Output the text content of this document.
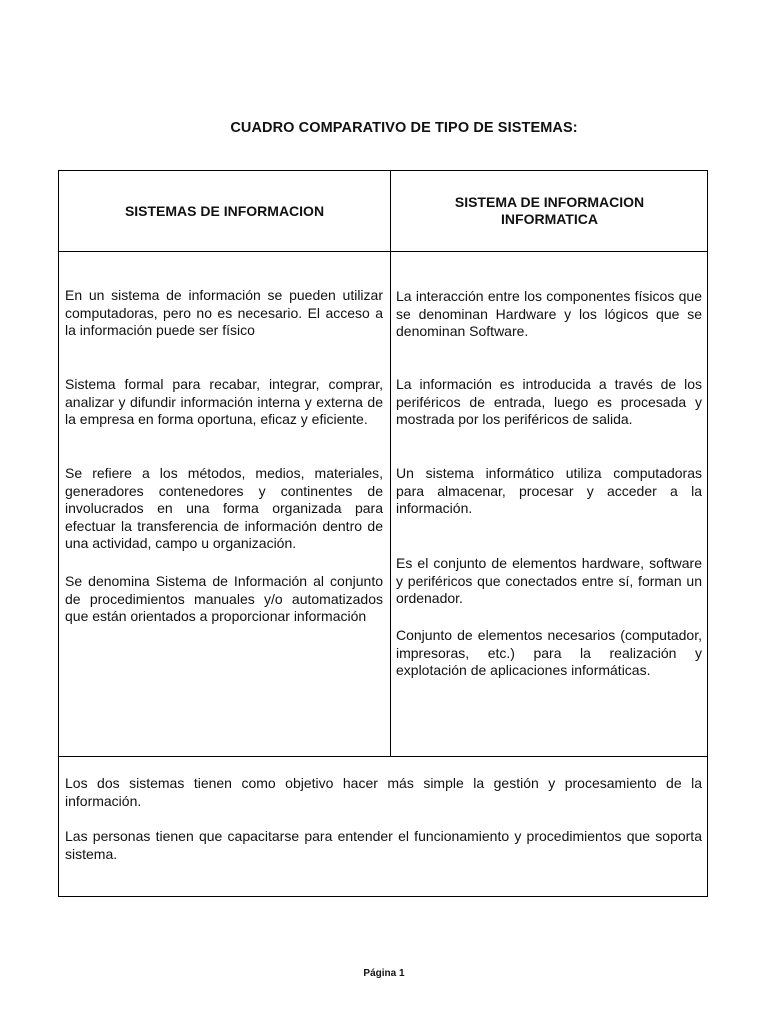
CUADRO COMPARATIVO DE TIPO DE SISTEMAS:
SISTEMAS DE INFORMACION
SISTEMA DE INFORMACION
INFORMATICA

En un sistema de información se pueden utilizar computadoras, pero no es necesario. El acceso a la información puede ser físico

Sistema formal para recabar, integrar, comprar, analizar y difundir información interna y externa de la empresa en forma oportuna, eficaz y eficiente.

Se refiere a los métodos, medios, materiales, generadores contenedores y continentes de involucrados en una forma organizada para efectuar la transferencia de información dentro de una actividad, campo u organización.

Se denomina Sistema de Información al conjunto de procedimientos manuales y/o automatizados que están orientados a proporcionar información

La interacción entre los componentes físicos que se denominan Hardware y los lógicos que se denominan Software.

La información es introducida a través de los periféricos de entrada, luego es procesada y mostrada por los periféricos de salida.

Un sistema informático utiliza computadoras para almacenar, procesar y acceder a la información.

Es el conjunto de elementos hardware, software y periféricos que conectados entre sí, forman un ordenador.

Conjunto de elementos necesarios (computador, impresoras, etc.) para la realización y explotación de aplicaciones informáticas.

Los dos sistemas tienen como objetivo hacer más simple la gestión y procesamiento de la información.

Las personas tienen que capacitarse para entender el funcionamiento y procedimientos que soporta sistema.

Página 1
